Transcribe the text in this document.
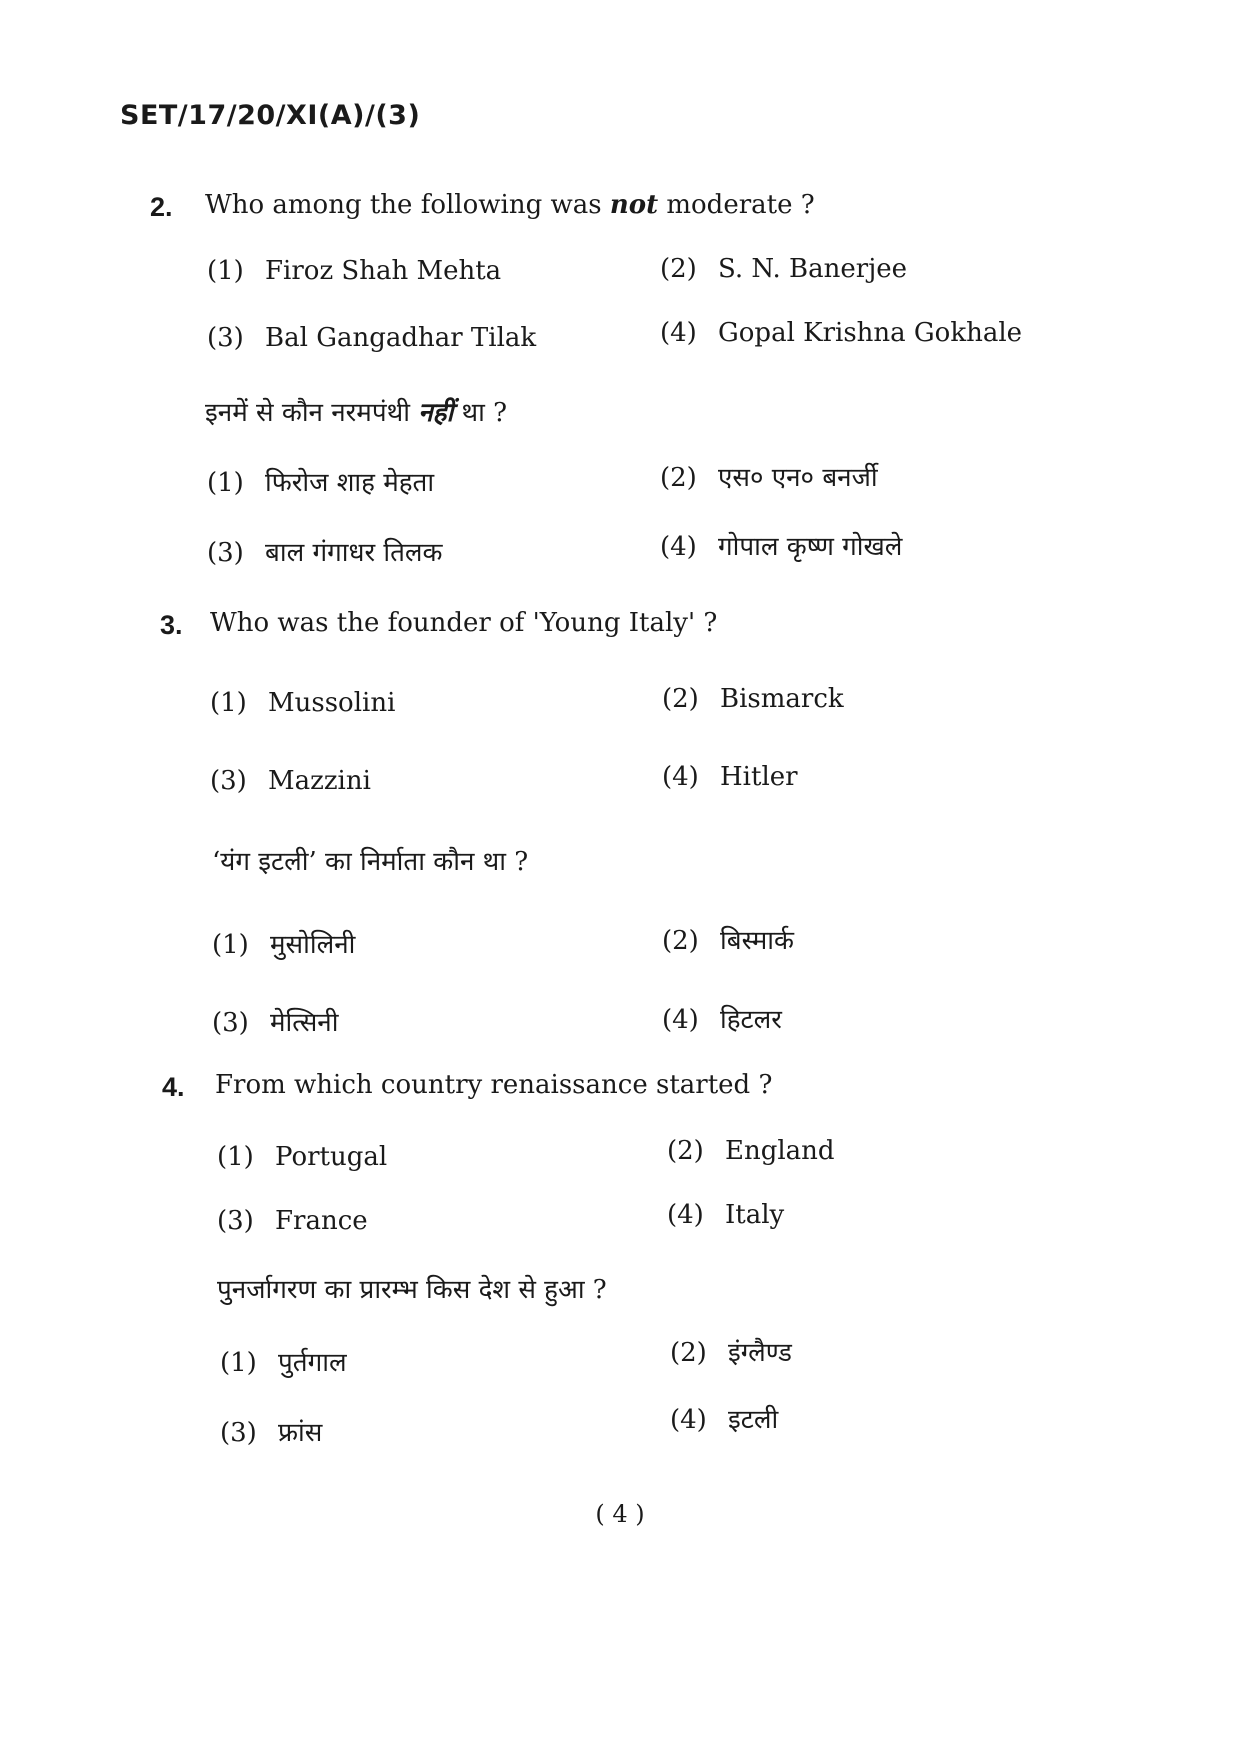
SET/17/20/XI(A)/(3)
2. Who among the following was not moderate ?
(1) Firoz Shah Mehta	(2) S. N. Banerjee
(3) Bal Gangadhar Tilak	(4) Gopal Krishna Gokhale
इनमें से कौन नरमपंथी नहीं था ?
(1) फिरोज शाह मेहता	(2) एस० एन० बनर्जी
(3) बाल गंगाधर तिलक	(4) गोपाल कृष्ण गोखले
3. Who was the founder of 'Young Italy' ?
(1) Mussolini	(2) Bismarck
(3) Mazzini	(4) Hitler
‘यंग इटली’ का निर्माता कौन था ?
(1) मुसोलिनी	(2) बिस्मार्क
(3) मेत्सिनी	(4) हिटलर
4. From which country renaissance started ?
(1) Portugal	(2) England
(3) France	(4) Italy
पुनर्जागरण का प्रारम्भ किस देश से हुआ ?
(1) पुर्तगाल	(2) इंग्लैण्ड
(3) फ्रांस	(4) इटली
( 4 )
